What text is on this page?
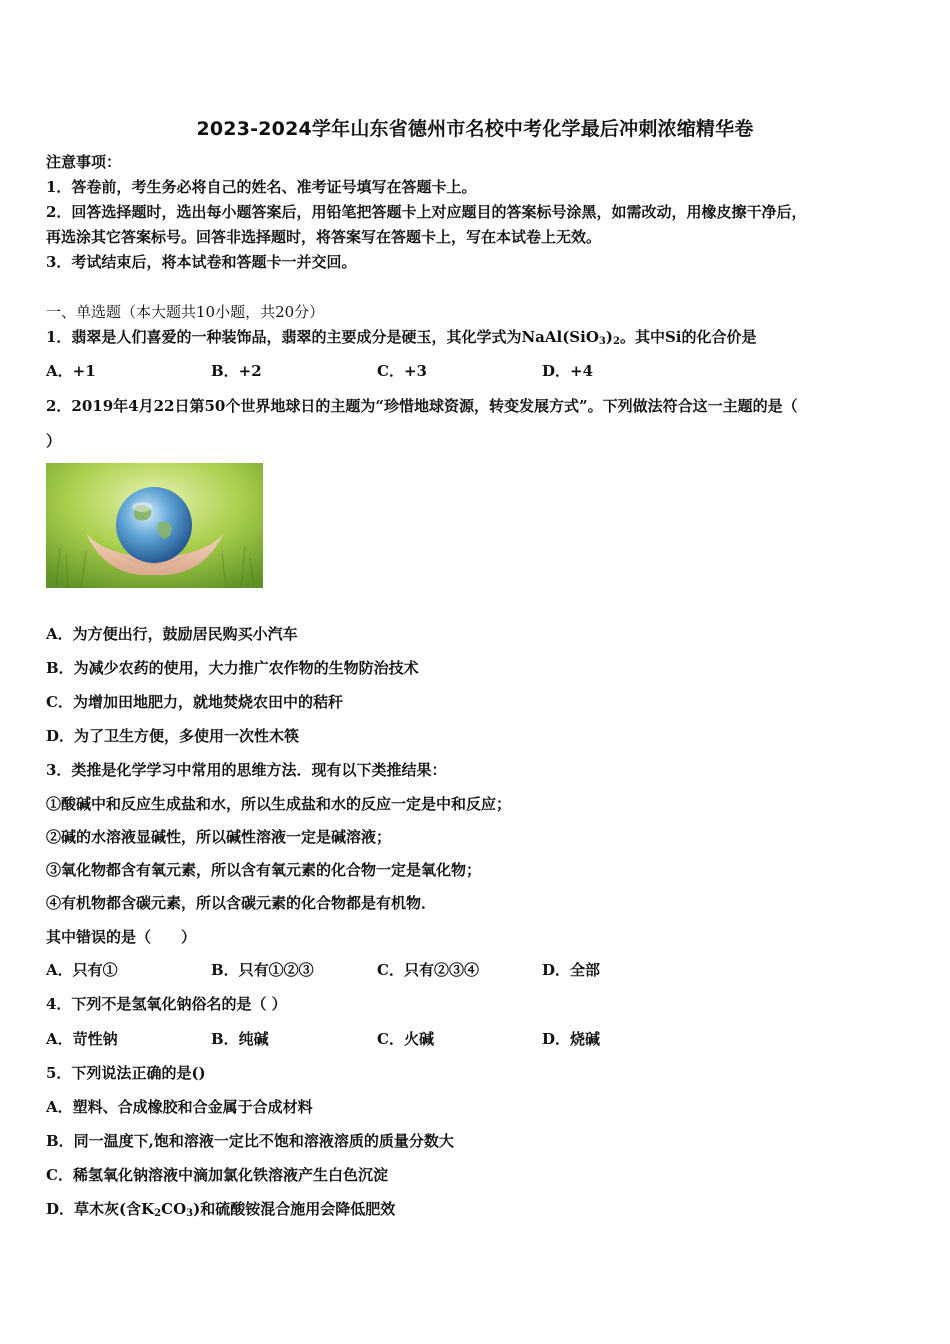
2023-2024学年山东省德州市名校中考化学最后冲刺浓缩精华卷
注意事项：
1．答卷前，考生务必将自己的姓名、准考证号填写在答题卡上。
2．回答选择题时，选出每小题答案后，用铅笔把答题卡上对应题目的答案标号涂黑，如需改动，用橡皮擦干净后，
再选涂其它答案标号。回答非选择题时，将答案写在答题卡上，写在本试卷上无效。
3．考试结束后，将本试卷和答题卡一并交回。
一、单选题（本大题共10小题，共20分）
1．翡翠是人们喜爱的一种装饰品，翡翠的主要成分是硬玉，其化学式为$NaAl(SiO_3)_2$。其中Si的化合价是
A．+1	B．+2	C．+3	D．+4
2．2019年4月22日第50个世界地球日的主题为“珍惜地球资源，转变发展方式”。下列做法符合这一主题的是（
）
A．为方便出行，鼓励居民购买小汽车
B．为减少农药的使用，大力推广农作物的生物防治技术
C．为增加田地肥力，就地焚烧农田中的秸秆
D．为了卫生方便，多使用一次性木筷
3．类推是化学学习中常用的思维方法．现有以下类推结果：
①酸碱中和反应生成盐和水，所以生成盐和水的反应一定是中和反应；
②碱的水溶液显碱性，所以碱性溶液一定是碱溶液；
③氧化物都含有氧元素，所以含有氧元素的化合物一定是氧化物；
④有机物都含碳元素，所以含碳元素的化合物都是有机物．
其中错误的是（　　）
A．只有①	B．只有①②③	C．只有②③④	D．全部
4．下列不是氢氧化钠俗名的是（ ）
A．苛性钠	B．纯碱	C．火碱	D．烧碱
5．下列说法正确的是()
A．塑料、合成橡胶和合金属于合成材料
B．同一温度下,饱和溶液一定比不饱和溶液溶质的质量分数大
C．稀氢氧化钠溶液中滴加氯化铁溶液产生白色沉淀
D．草木灰(含$K_2CO_3$)和硫酸铵混合施用会降低肥效
